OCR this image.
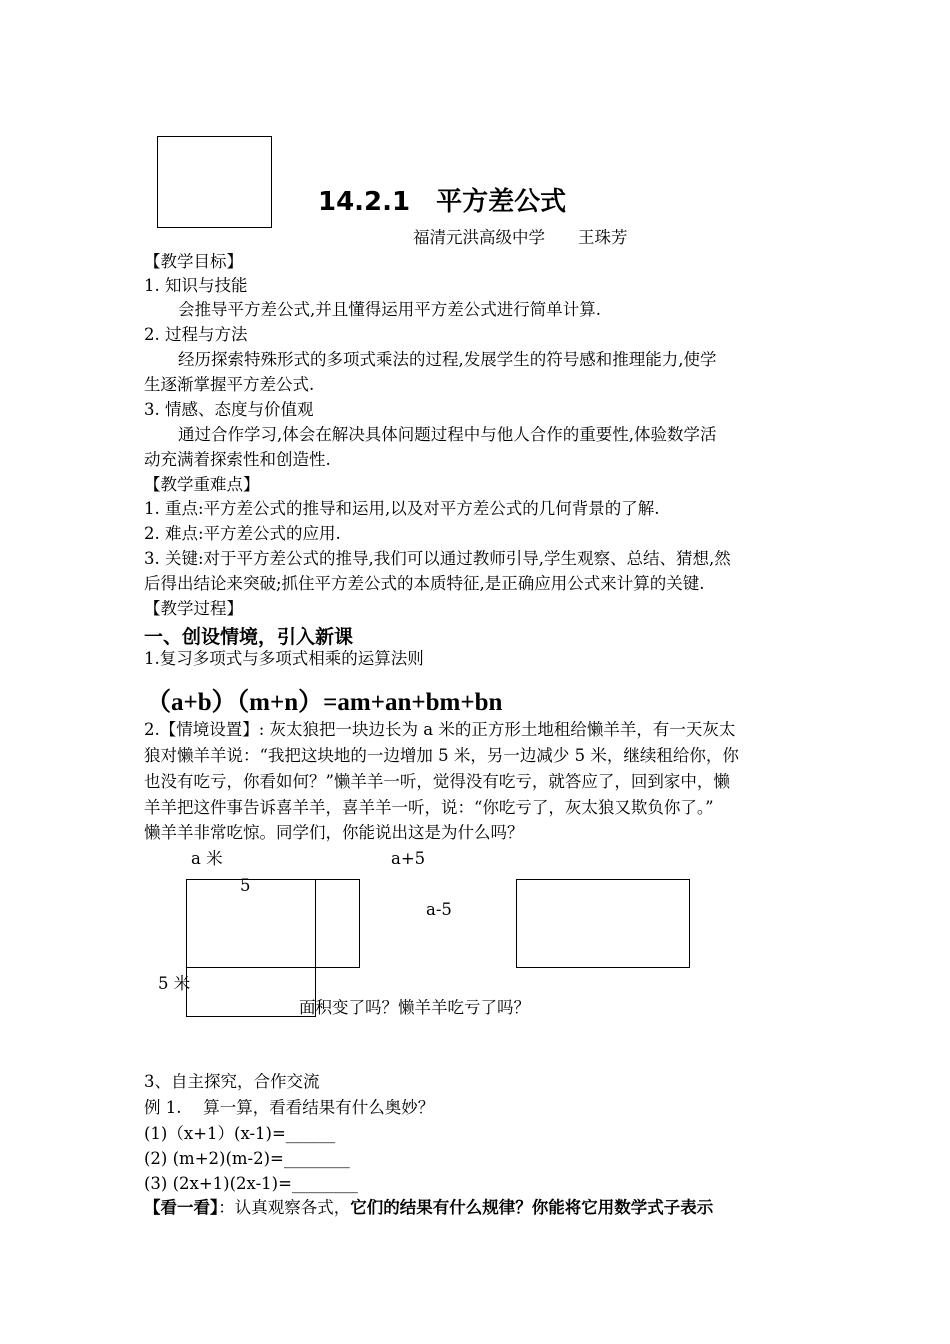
14.2.1　平方差公式
福清元洪高级中学　　王珠芳
【教学目标】
1. 知识与技能
会推导平方差公式,并且懂得运用平方差公式进行简单计算.
2. 过程与方法
经历探索特殊形式的多项式乘法的过程,发展学生的符号感和推理能力,使学
生逐渐掌握平方差公式.
3. 情感、态度与价值观
通过合作学习,体会在解决具体问题过程中与他人合作的重要性,体验数学活
动充满着探索性和创造性.
【教学重难点】
1. 重点:平方差公式的推导和运用,以及对平方差公式的几何背景的了解.
2. 难点:平方差公式的应用.
3. 关键:对于平方差公式的推导,我们可以通过教师引导,学生观察、总结、猜想,然
后得出结论来突破;抓住平方差公式的本质特征,是正确应用公式来计算的关键.
【教学过程】
一、创设情境，引入新课
1.复习多项式与多项式相乘的运算法则
（a+b）（m+n）=am+an+bm+bn
2.【情境设置】: 灰太狼把一块边长为 a 米的正方形土地租给懒羊羊，有一天灰太
狼对懒羊羊说：“我把这块地的一边增加 5 米，另一边减少 5 米，继续租给你，你
也没有吃亏，你看如何？”懒羊羊一听，觉得没有吃亏，就答应了，回到家中，懒
羊羊把这件事告诉喜羊羊，喜羊羊一听，说：“你吃亏了，灰太狼又欺负你了。”
懒羊羊非常吃惊。同学们，你能说出这是为什么吗？
a 米
5
a+5
a-5
5 米
面积变了吗？懒羊羊吃亏了吗？
3、自主探究，合作交流
例 1.　 算一算，看看结果有什么奥妙？
(1)（x+1）(x-1)=______
(2) (m+2)(m-2)=________
(3) (2x+1)(2x-1)=________
【看一看】：认真观察各式，它们的结果有什么规律？你能将它用数学式子表示
